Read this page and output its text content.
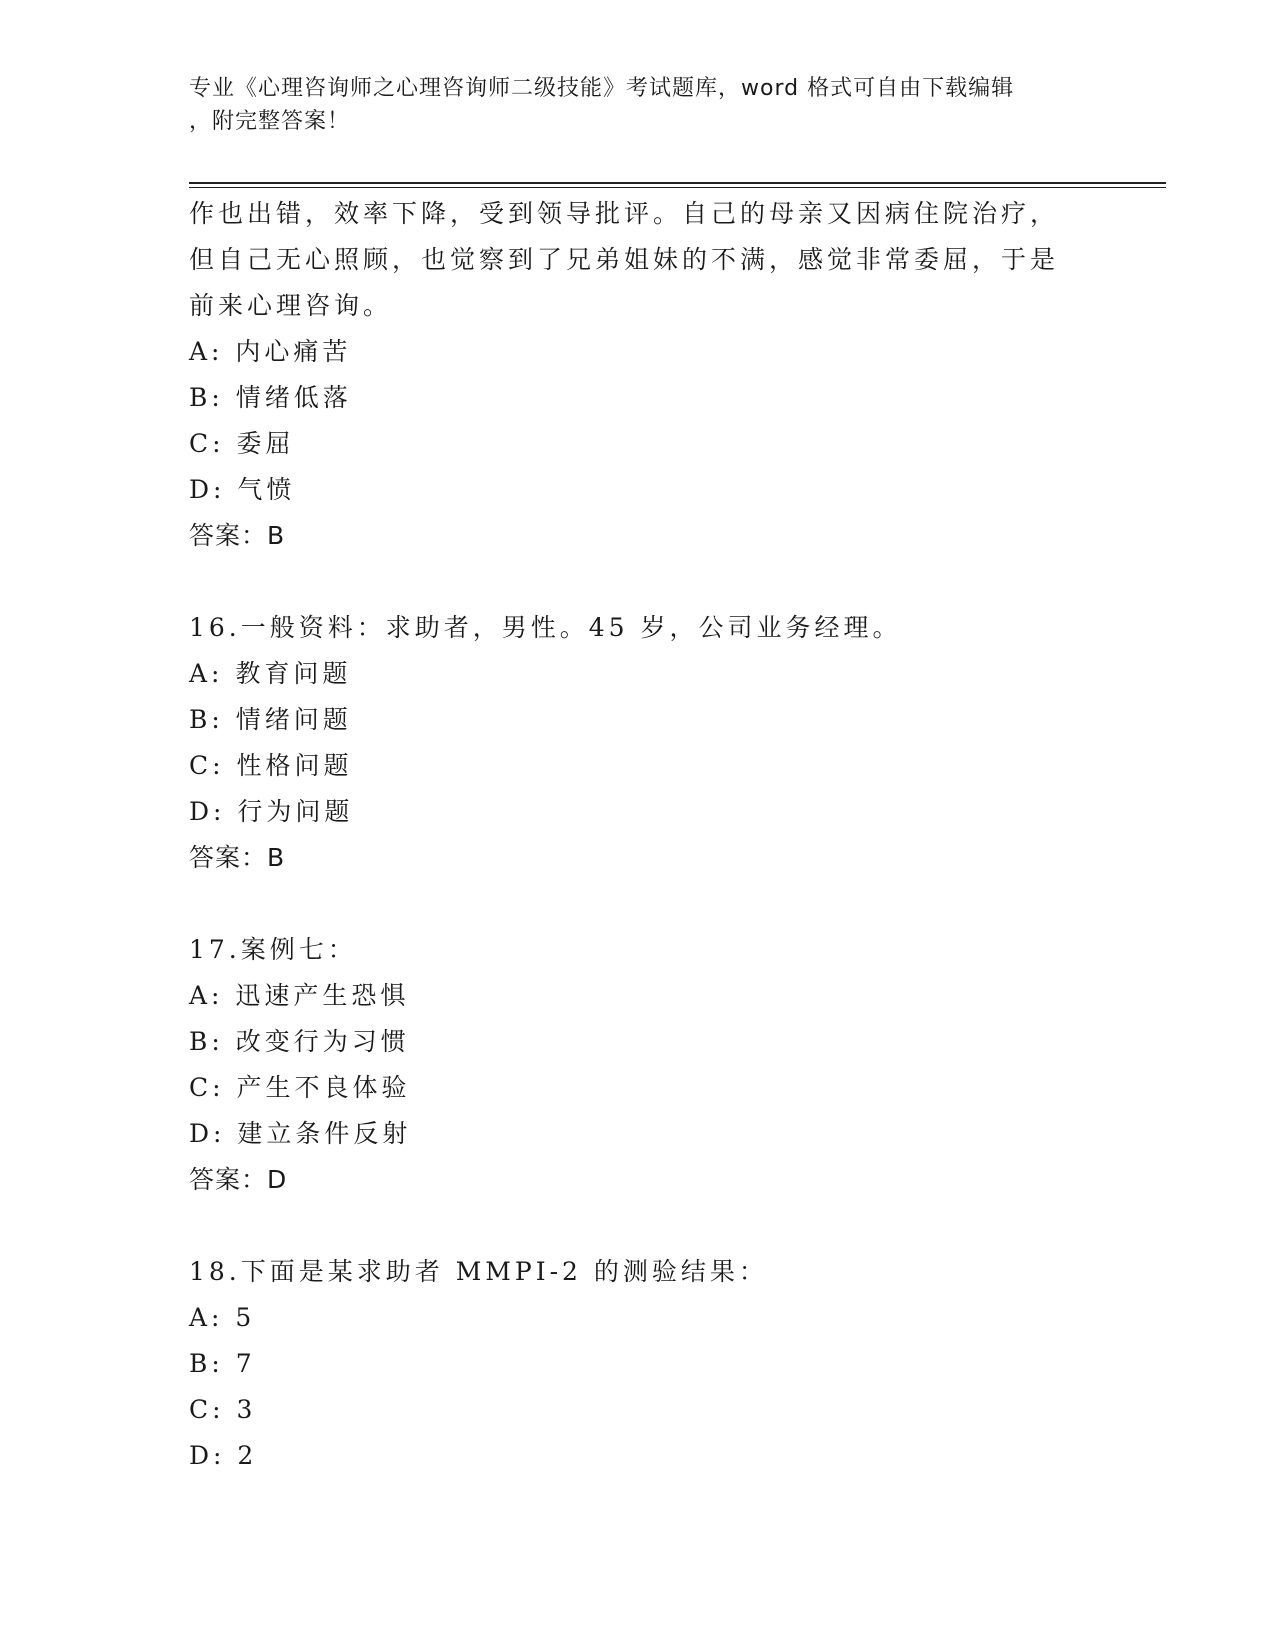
专业《心理咨询师之心理咨询师二级技能》考试题库，word 格式可自由下载编辑
，附完整答案！
作也出错，效率下降，受到领导批评。自己的母亲又因病住院治疗，
但自己无心照顾，也觉察到了兄弟姐妹的不满，感觉非常委屈，于是
前来心理咨询。
A: 内心痛苦
B: 情绪低落
C: 委屈
D: 气愤
答案：B
16.一般资料：求助者，男性。45 岁，公司业务经理。
A: 教育问题
B: 情绪问题
C: 性格问题
D: 行为问题
答案：B
17.案例七：
A: 迅速产生恐惧
B: 改变行为习惯
C: 产生不良体验
D: 建立条件反射
答案：D
18.下面是某求助者 MMPI-2 的测验结果：
A: 5
B: 7
C: 3
D: 2
